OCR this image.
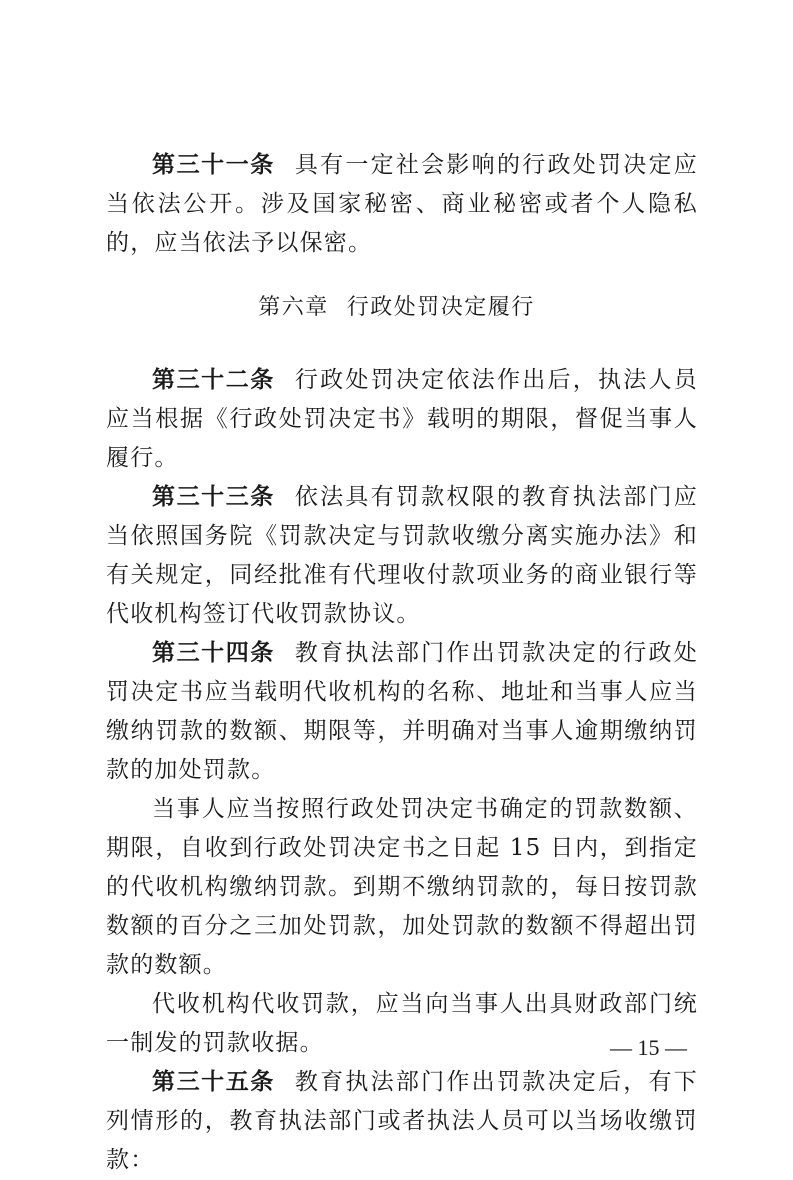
第三十一条 具有一定社会影响的行政处罚决定应当依法公开。涉及国家秘密、商业秘密或者个人隐私的，应当依法予以保密。

第六章 行政处罚决定履行

第三十二条 行政处罚决定依法作出后，执法人员应当根据《行政处罚决定书》载明的期限，督促当事人履行。

第三十三条 依法具有罚款权限的教育执法部门应当依照国务院《罚款决定与罚款收缴分离实施办法》和有关规定，同经批准有代理收付款项业务的商业银行等代收机构签订代收罚款协议。

第三十四条 教育执法部门作出罚款决定的行政处罚决定书应当载明代收机构的名称、地址和当事人应当缴纳罚款的数额、期限等，并明确对当事人逾期缴纳罚款的加处罚款。

当事人应当按照行政处罚决定书确定的罚款数额、期限，自收到行政处罚决定书之日起 15 日内，到指定的代收机构缴纳罚款。到期不缴纳罚款的，每日按罚款数额的百分之三加处罚款，加处罚款的数额不得超出罚款的数额。

代收机构代收罚款，应当向当事人出具财政部门统一制发的罚款收据。

第三十五条 教育执法部门作出罚款决定后，有下列情形的，教育执法部门或者执法人员可以当场收缴罚款：

— 15 —
